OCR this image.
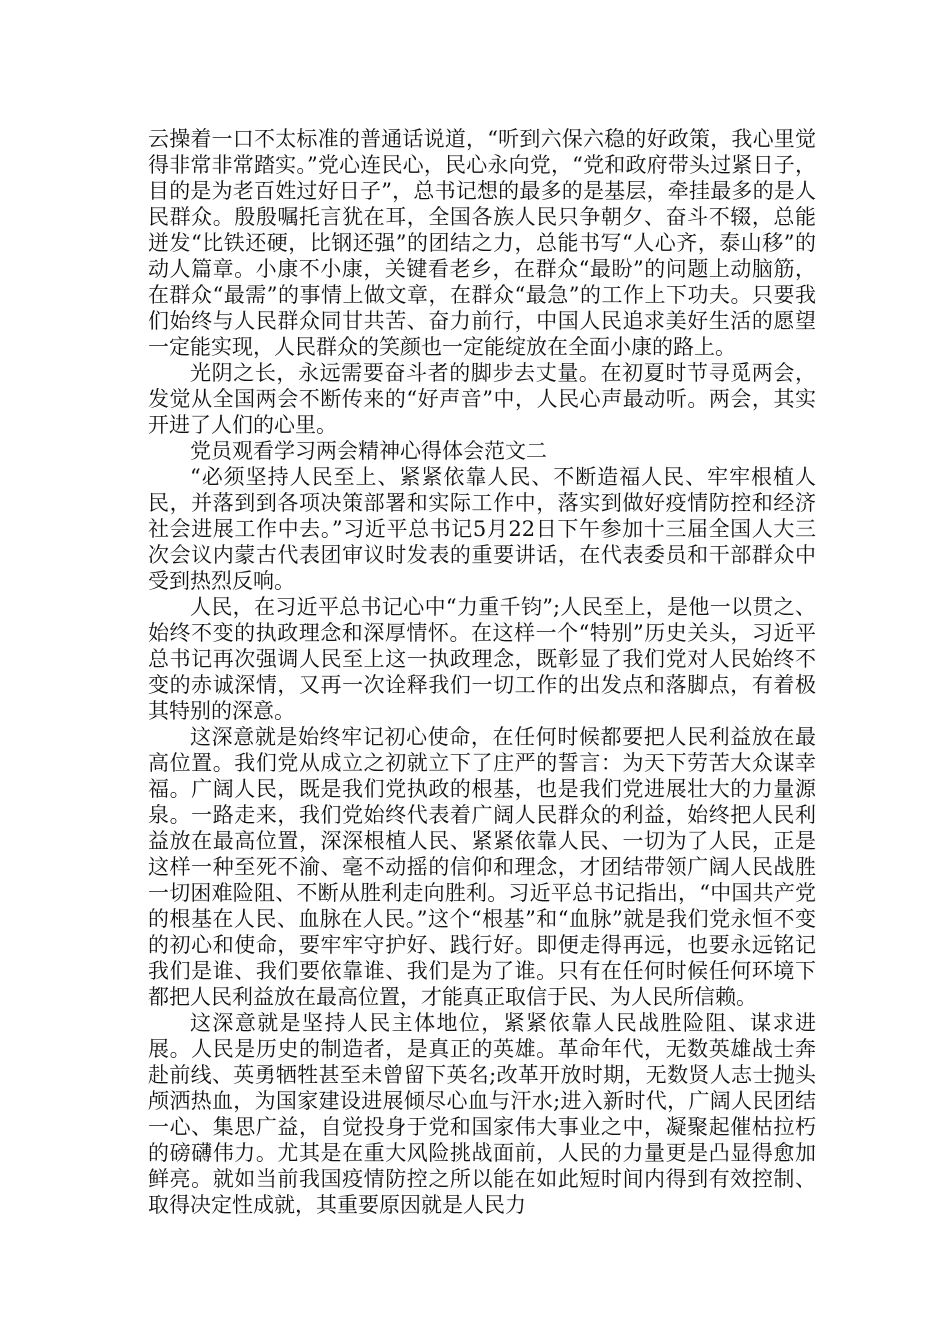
云操着一口不太标准的普通话说道，“听到六保六稳的好政策，我心里觉得非常非常踏实。”党心连民心，民心永向党，“党和政府带头过紧日子，目的是为老百姓过好日子”，总书记想的最多的是基层，牵挂最多的是人民群众。殷殷嘱托言犹在耳，全国各族人民只争朝夕、奋斗不辍，总能迸发“比铁还硬，比钢还强”的团结之力，总能书写“人心齐，泰山移”的动人篇章。小康不小康，关键看老乡，在群众“最盼”的问题上动脑筋，在群众“最需”的事情上做文章，在群众“最急”的工作上下功夫。只要我们始终与人民群众同甘共苦、奋力前行，中国人民追求美好生活的愿望一定能实现，人民群众的笑颜也一定能绽放在全面小康的路上。

光阴之长，永远需要奋斗者的脚步去丈量。在初夏时节寻觅两会，发觉从全国两会不断传来的“好声音”中，人民心声最动听。两会，其实开进了人们的心里。

党员观看学习两会精神心得体会范文二

“必须坚持人民至上、紧紧依靠人民、不断造福人民、牢牢根植人民，并落到到各项决策部署和实际工作中，落实到做好疫情防控和经济社会进展工作中去。”习近平总书记5月22日下午参加十三届全国人大三次会议内蒙古代表团审议时发表的重要讲话，在代表委员和干部群众中受到热烈反响。

人民，在习近平总书记心中“力重千钧”;人民至上，是他一以贯之、始终不变的执政理念和深厚情怀。在这样一个“特别”历史关头，习近平总书记再次强调人民至上这一执政理念，既彰显了我们党对人民始终不变的赤诚深情，又再一次诠释我们一切工作的出发点和落脚点，有着极其特别的深意。

这深意就是始终牢记初心使命，在任何时候都要把人民利益放在最高位置。我们党从成立之初就立下了庄严的誓言：为天下劳苦大众谋幸福。广阔人民，既是我们党执政的根基，也是我们党进展壮大的力量源泉。一路走来，我们党始终代表着广阔人民群众的利益，始终把人民利益放在最高位置，深深根植人民、紧紧依靠人民、一切为了人民，正是这样一种至死不渝、毫不动摇的信仰和理念，才团结带领广阔人民战胜一切困难险阻、不断从胜利走向胜利。习近平总书记指出，“中国共产党的根基在人民、血脉在人民。”这个“根基”和“血脉”就是我们党永恒不变的初心和使命，要牢牢守护好、践行好。即便走得再远，也要永远铭记我们是谁、我们要依靠谁、我们是为了谁。只有在任何时候任何环境下都把人民利益放在最高位置，才能真正取信于民、为人民所信赖。

这深意就是坚持人民主体地位，紧紧依靠人民战胜险阻、谋求进展。人民是历史的制造者，是真正的英雄。革命年代，无数英雄战士奔赴前线、英勇牺牲甚至未曾留下英名;改革开放时期，无数贤人志士抛头颅洒热血，为国家建设进展倾尽心血与汗水;进入新时代，广阔人民团结一心、集思广益，自觉投身于党和国家伟大事业之中，凝聚起催枯拉朽的磅礴伟力。尤其是在重大风险挑战面前，人民的力量更是凸显得愈加鲜亮。就如当前我国疫情防控之所以能在如此短时间内得到有效控制、取得决定性成就，其重要原因就是人民力
